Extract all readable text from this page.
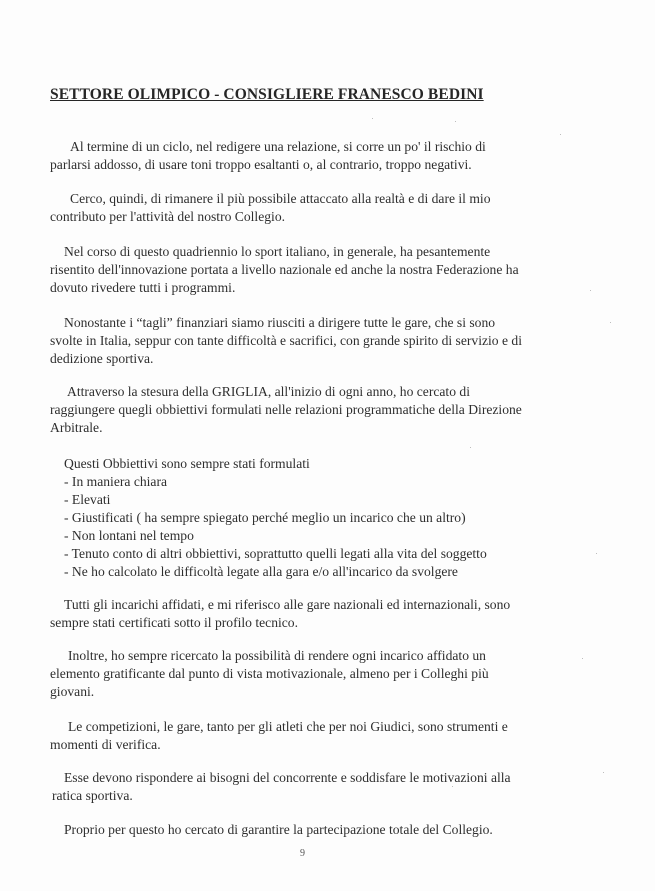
SETTORE OLIMPICO - CONSIGLIERE FRANESCO BEDINI

Al termine di un ciclo, nel redigere una relazione, si corre un po' il rischio di
parlarsi addosso, di usare toni troppo esaltanti o, al contrario, troppo negativi.

Cerco, quindi, di rimanere il più possibile attaccato alla realtà e di dare il mio
contributo per l'attività del nostro Collegio.

Nel corso di questo quadriennio lo sport italiano, in generale, ha pesantemente
risentito dell'innovazione portata a livello nazionale ed anche la nostra Federazione ha
dovuto rivedere tutti i programmi.

Nonostante i “tagli” finanziari siamo riusciti a dirigere tutte le gare, che si sono
svolte in Italia, seppur con tante difficoltà e sacrifici, con grande spirito di servizio e di
dedizione sportiva.

Attraverso la stesura della GRIGLIA, all'inizio di ogni anno, ho cercato di
raggiungere quegli obbiettivi formulati nelle relazioni programmatiche della Direzione
Arbitrale.

Questi Obbiettivi sono sempre stati formulati

- In maniera chiara
- Elevati
- Giustificati ( ha sempre spiegato perché meglio un incarico che un altro)
- Non lontani nel tempo
- Tenuto conto di altri obbiettivi, soprattutto quelli legati alla vita del soggetto
- Ne ho calcolato le difficoltà legate alla gara e/o all'incarico da svolgere

Tutti gli incarichi affidati, e mi riferisco alle gare nazionali ed internazionali, sono
sempre stati certificati sotto il profilo tecnico.

Inoltre, ho sempre ricercato la possibilità di rendere ogni incarico affidato un
elemento gratificante dal punto di vista motivazionale, almeno per i Colleghi più
giovani.

Le competizioni, le gare, tanto per gli atleti che per noi Giudici, sono strumenti e
momenti di verifica.

Esse devono rispondere ai bisogni del concorrente e soddisfare le motivazioni alla
ratica sportiva.

Proprio per questo ho cercato di garantire la partecipazione totale del Collegio.

9
